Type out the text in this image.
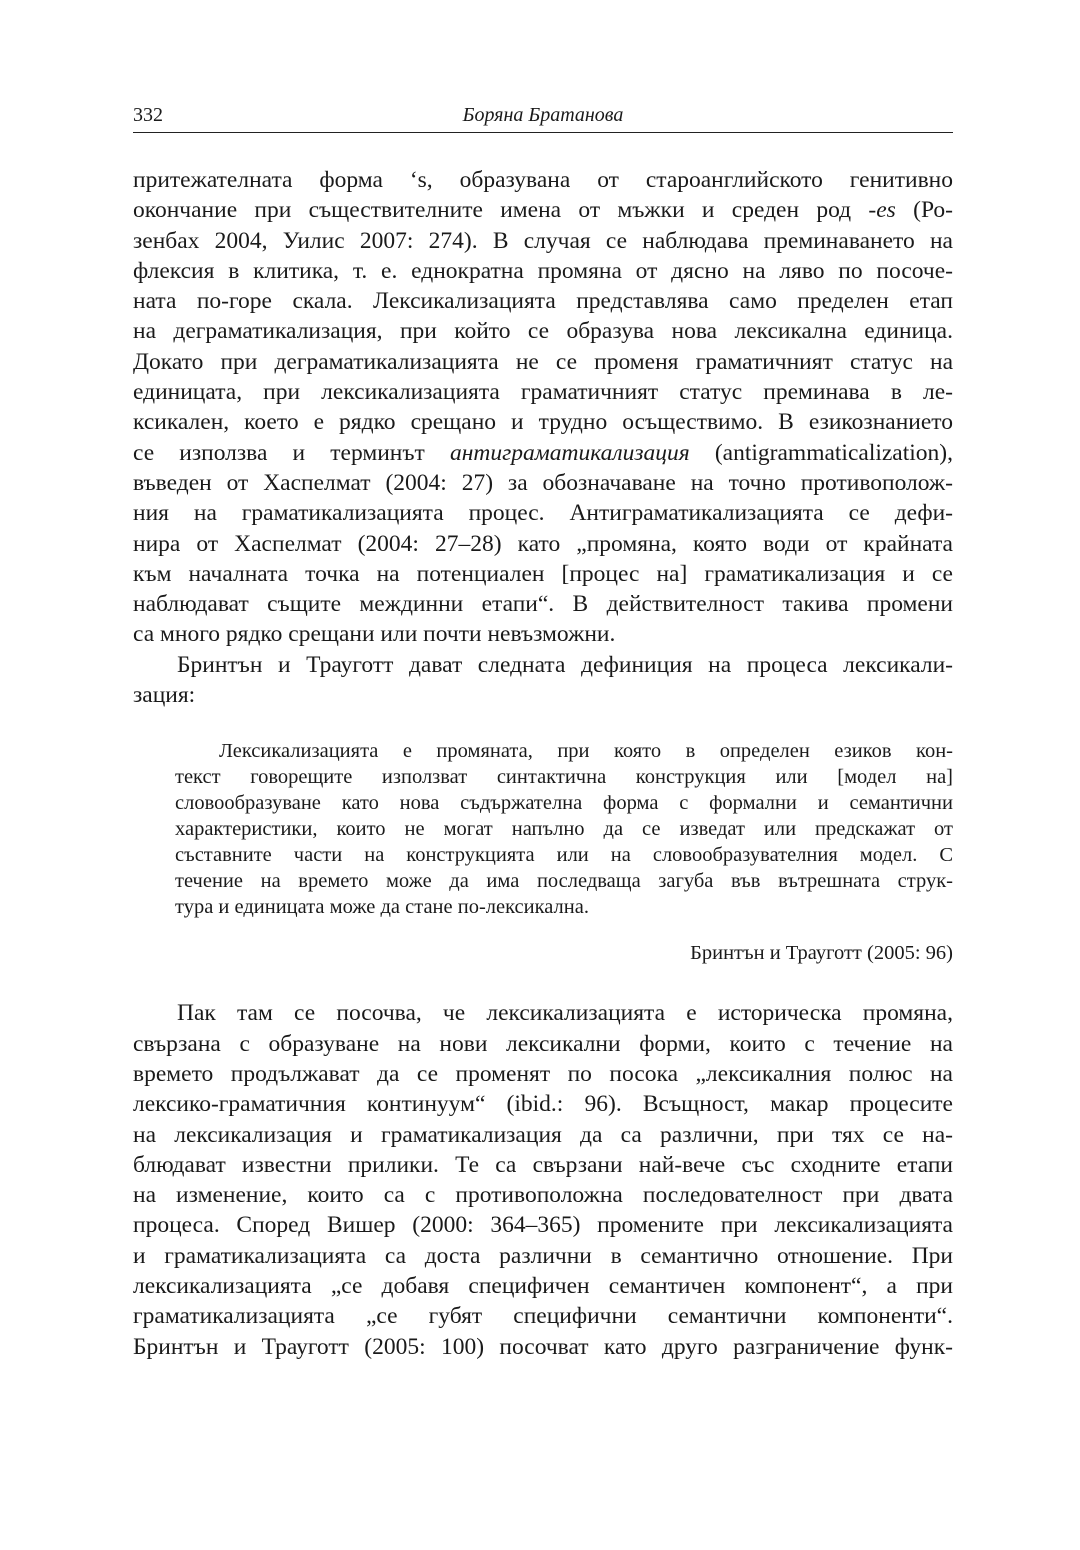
332	Боряна Братанова
притежателната форма ‘s, образувана от староанглийското генитивно
окончание при съществителните имена от мъжки и среден род -es (Ро-
зенбах 2004, Уилис 2007: 274). В случая се наблюдава преминаването на
флексия в клитика, т. е. еднократна промяна от дясно на ляво по посоче-
ната по-горе скала. Лексикализацията представлява само пределен етап
на деграматикализация, при който се образува нова лексикална единица.
Докато при деграматикализацията не се променя граматичният статус на
единицата, при лексикализацията граматичният статус преминава в ле-
ксикален, което е рядко срещано и трудно осъществимо. В езикознанието
се използва и терминът антиграматикализация (antigrammaticalization),
въведен от Хаспелмат (2004: 27) за обозначаване на точно противополож-
ния на граматикализацията процес. Антиграматикализацията се дефи-
нира от Хаспелмат (2004: 27–28) като „промяна, която води от крайната
към началната точка на потенциален [процес на] граматикализация и се
наблюдават същите междинни етапи“. В действителност такива промени
са много рядко срещани или почти невъзможни.
Бринтън и Трауготт дават следната дефиниция на процеса лексикали-
зация:
Лексикализацията е промяната, при която в определен езиков кон-
текст говорещите използват синтактична конструкция или [модел на]
словообразуване като нова съдържателна форма с формални и семантични
характеристики, които не могат напълно да се изведат или предскажат от
съставните части на конструкцията или на словообразувателния модел. С
течение на времето може да има последваща загуба във вътрешната струк-
тура и единицата може да стане по-лексикална.
Бринтън и Трауготт (2005: 96)
Пак там се посочва, че лексикализацията е историческа промяна,
свързана с образуване на нови лексикални форми, които с течение на
времето продължават да се променят по посока „лексикалния полюс на
лексико-граматичния континуум“ (ibid.: 96). Всъщност, макар процесите
на лексикализация и граматикализация да са различни, при тях се на-
блюдават известни прилики. Те са свързани най-вече със сходните етапи
на изменение, които са с противоположна последователност при двата
процеса. Според Вишер (2000: 364–365) промените при лексикализацията
и граматикализацията са доста различни в семантично отношение. При
лексикализацията „се добавя специфичен семантичен компонент“, а при
граматикализацията „се губят специфични семантични компоненти“.
Бринтън и Трауготт (2005: 100) посочват като друго разграничение функ-
